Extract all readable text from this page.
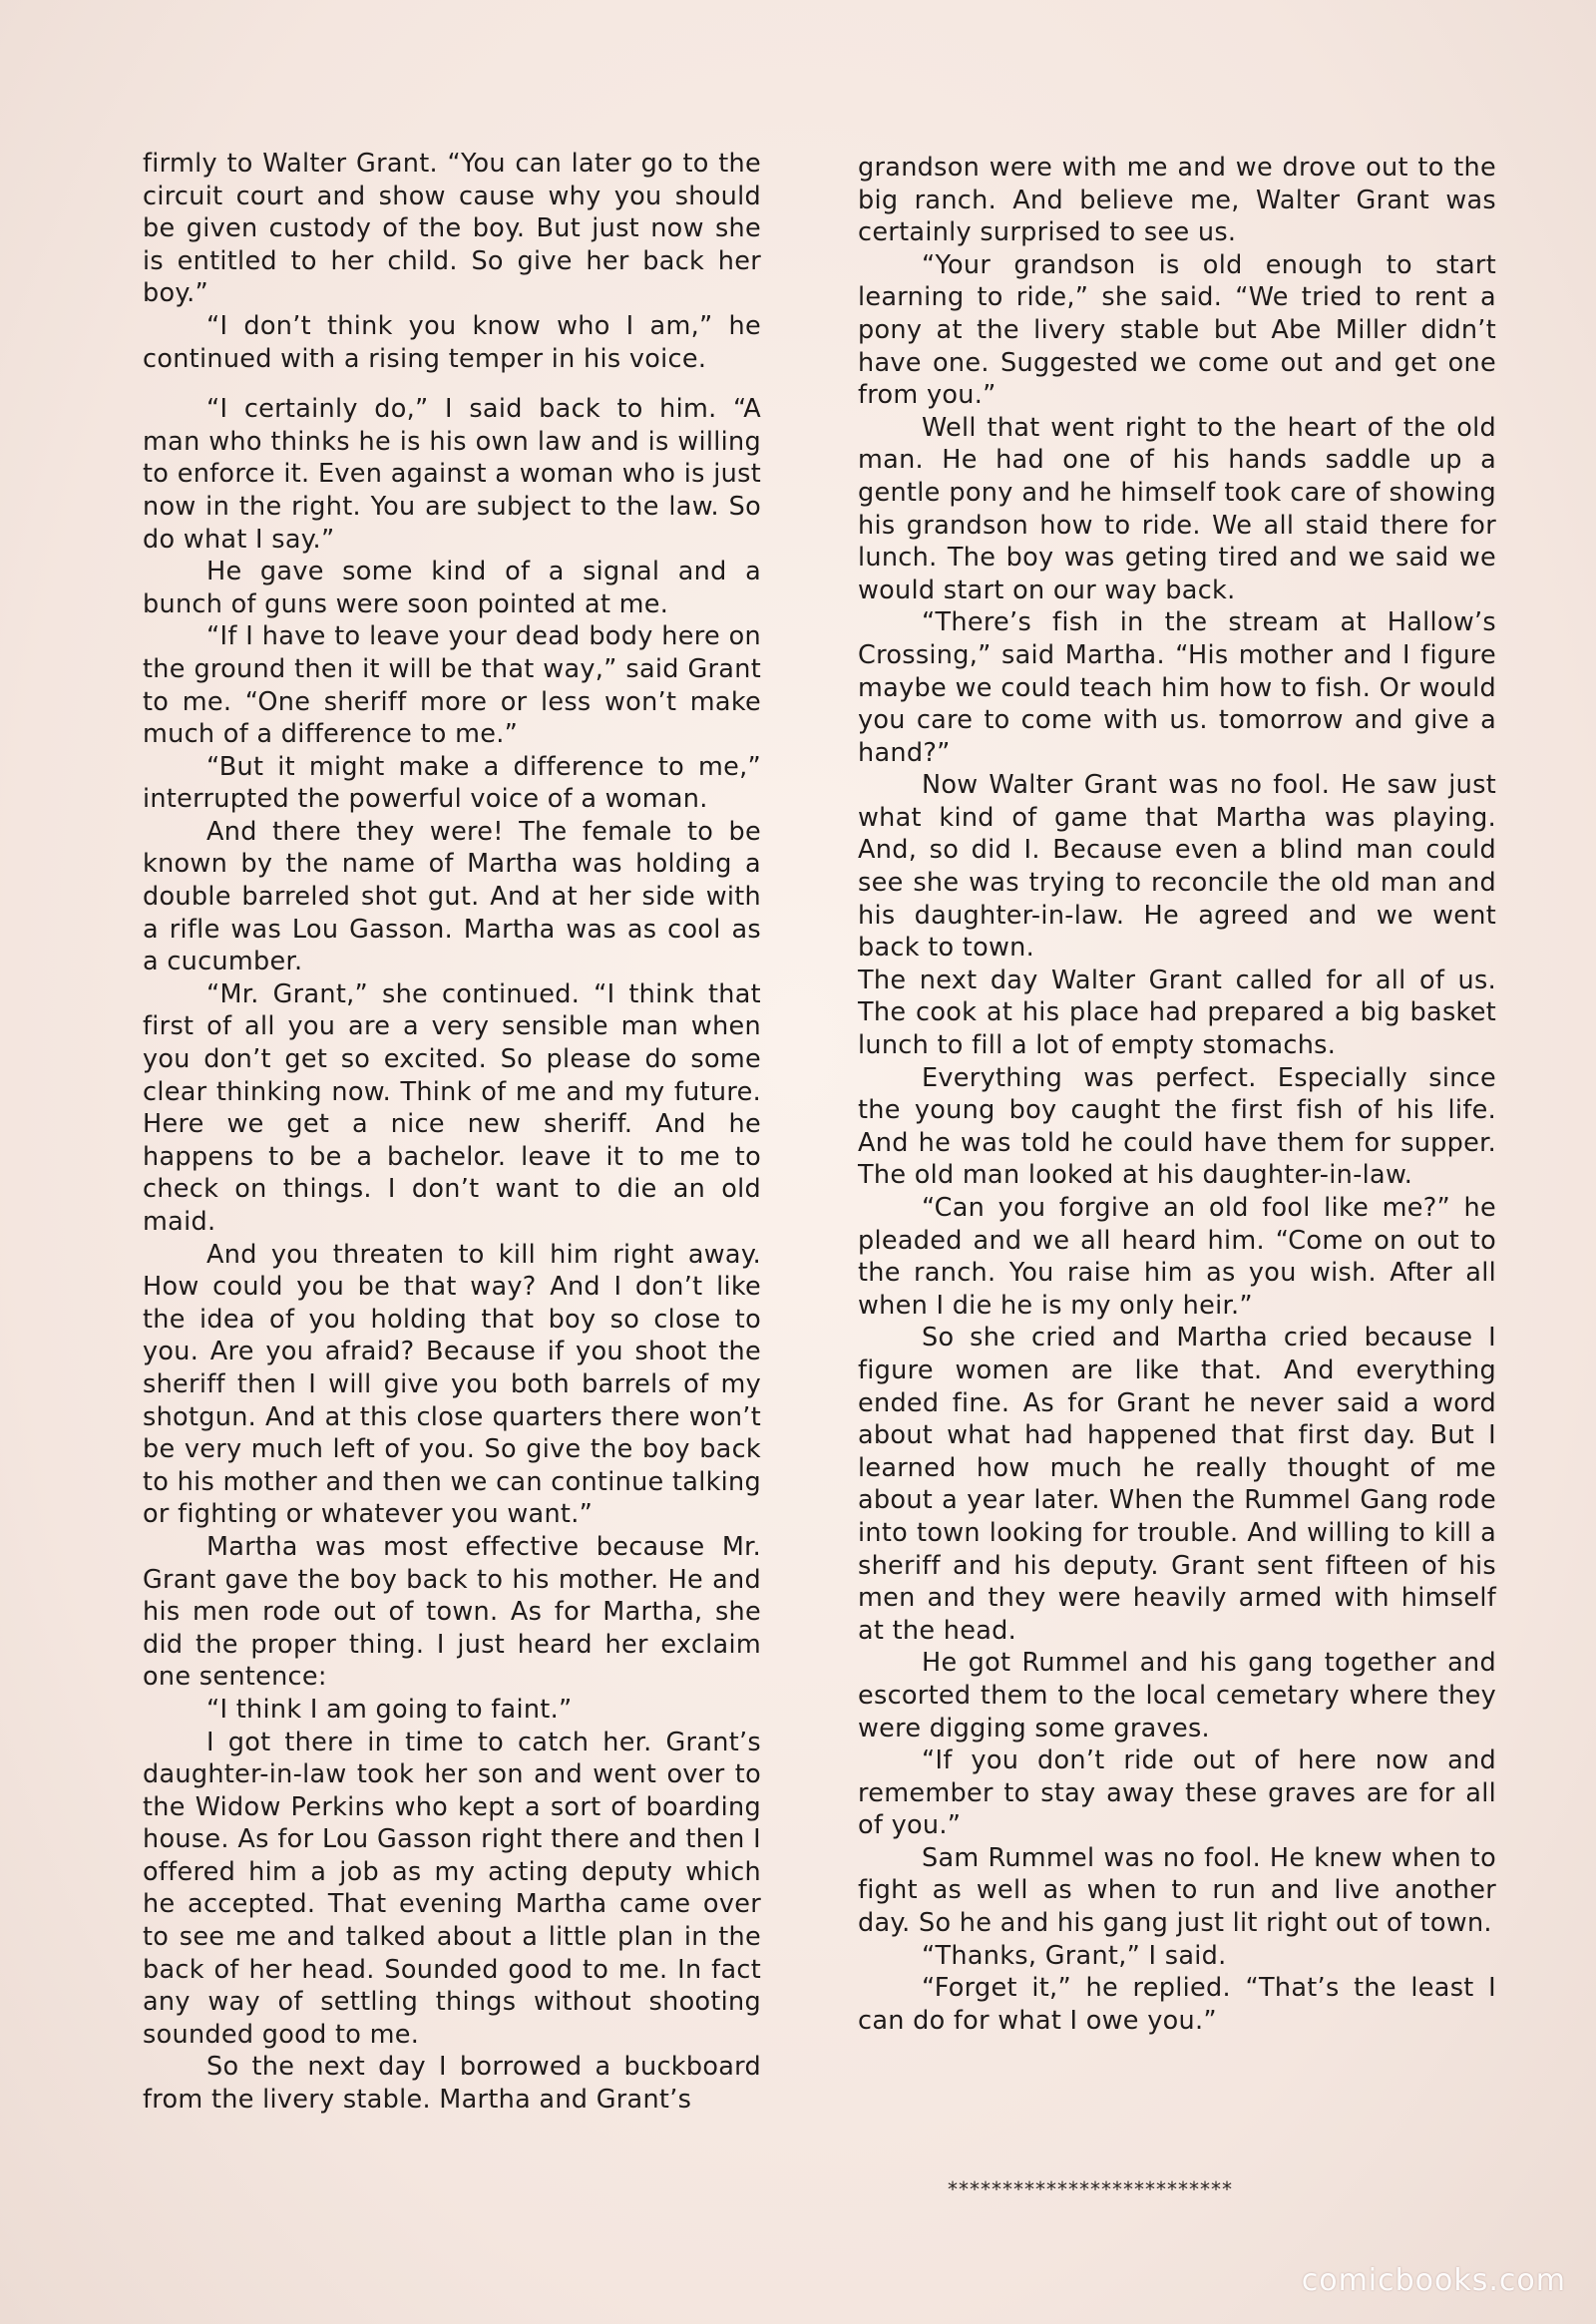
firmly to Walter Grant. “You can later go to the circuit court and show cause why you should be given custody of the boy. But just now she is entitled to her child. So give her back her boy.”

“I don’t think you know who I am,” he continued with a rising temper in his voice.

“I certainly do,” I said back to him. “A man who thinks he is his own law and is willing to enforce it. Even against a woman who is just now in the right. You are subject to the law. So do what I say.”

He gave some kind of a signal and a bunch of guns were soon pointed at me.

“If I have to leave your dead body here on the ground then it will be that way,” said Grant to me. “One sheriff more or less won’t make much of a difference to me.”

“But it might make a difference to me,” interrupted the powerful voice of a woman.

And there they were! The female to be known by the name of Martha was holding a double barreled shot gut. And at her side with a rifle was Lou Gasson. Martha was as cool as a cucumber.

“Mr. Grant,” she continued. “I think that first of all you are a very sensible man when you don’t get so excited. So please do some clear thinking now. Think of me and my future. Here we get a nice new sheriff. And he happens to be a bachelor. leave it to me to check on things. I don’t want to die an old maid.

And you threaten to kill him right away. How could you be that way? And I don’t like the idea of you holding that boy so close to you. Are you afraid? Because if you shoot the sheriff then I will give you both barrels of my shotgun. And at this close quarters there won’t be very much left of you. So give the boy back to his mother and then we can continue talking or fighting or whatever you want.”

Martha was most effective because Mr. Grant gave the boy back to his mother. He and his men rode out of town. As for Martha, she did the proper thing. I just heard her exclaim one sentence:

“I think I am going to faint.”

I got there in time to catch her. Grant’s daughter-in-law took her son and went over to the Widow Perkins who kept a sort of boarding house. As for Lou Gasson right there and then I offered him a job as my acting deputy which he accepted. That evening Martha came over to see me and talked about a little plan in the back of her head. Sounded good to me. In fact any way of settling things without shooting sounded good to me.

So the next day I borrowed a buckboard from the livery stable. Martha and Grant’s

grandson were with me and we drove out to the big ranch. And believe me, Walter Grant was certainly surprised to see us.

“Your grandson is old enough to start learning to ride,” she said. “We tried to rent a pony at the livery stable but Abe Miller didn’t have one. Suggested we come out and get one from you.”

Well that went right to the heart of the old man. He had one of his hands saddle up a gentle pony and he himself took care of showing his grandson how to ride. We all staid there for lunch. The boy was geting tired and we said we would start on our way back.

“There’s fish in the stream at Hallow’s Crossing,” said Martha. “His mother and I figure maybe we could teach him how to fish. Or would you care to come with us. tomorrow and give a hand?”

Now Walter Grant was no fool. He saw just what kind of game that Martha was playing. And, so did I. Because even a blind man could see she was trying to reconcile the old man and his daughter-in-law. He agreed and we went back to town.

The next day Walter Grant called for all of us. The cook at his place had prepared a big basket lunch to fill a lot of empty stomachs.

Everything was perfect. Especially since the young boy caught the first fish of his life. And he was told he could have them for supper. The old man looked at his daughter-in-law.

“Can you forgive an old fool like me?” he pleaded and we all heard him. “Come on out to the ranch. You raise him as you wish. After all when I die he is my only heir.”

So she cried and Martha cried because I figure women are like that. And everything ended fine. As for Grant he never said a word about what had happened that first day. But I learned how much he really thought of me about a year later. When the Rummel Gang rode into town looking for trouble. And willing to kill a sheriff and his deputy. Grant sent fifteen of his men and they were heavily armed with himself at the head.

He got Rummel and his gang together and escorted them to the local cemetary where they were digging some graves.

“If you don’t ride out of here now and remember to stay away these graves are for all of you.”

Sam Rummel was no fool. He knew when to fight as well as when to run and live another day. So he and his gang just lit right out of town.

“Thanks, Grant,” I said.

“Forget it,” he replied. “That’s the least I can do for what I owe you.”

**************************
comicbooks.com
